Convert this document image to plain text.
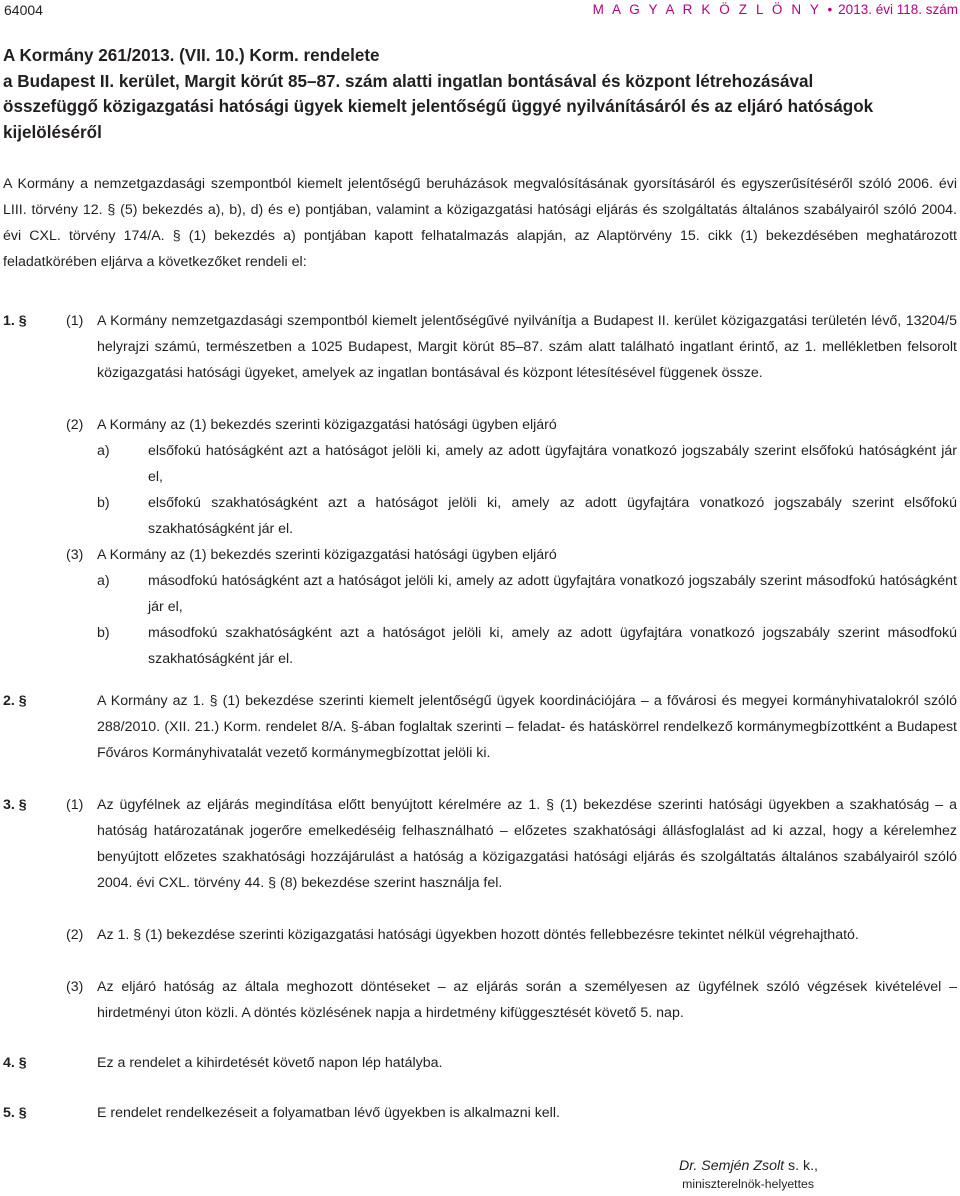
64004	M A G Y A R K Ö Z L Ö N Y • 2013. évi 118. szám
A Kormány 261/2013. (VII. 10.) Korm. rendelete
a Budapest II. kerület, Margit körút 85–87. szám alatti ingatlan bontásával és központ létrehozásával
összefüggő közigazgatási hatósági ügyek kiemelt jelentőségű üggyé nyilvánításáról és az eljáró hatóságok
kijelöléséről
A Kormány a nemzetgazdasági szempontból kiemelt jelentőségű beruházások megvalósításának gyorsításáról és egyszerűsítéséről szóló 2006. évi LIII. törvény 12. § (5) bekezdés a), b), d) és e) pontjában, valamint a közigazgatási hatósági eljárás és szolgáltatás általános szabályairól szóló 2004. évi CXL. törvény 174/A. § (1) bekezdés a) pontjában kapott felhatalmazás alapján, az Alaptörvény 15. cikk (1) bekezdésében meghatározott feladatkörében eljárva a következőket rendeli el:
1. §	(1) A Kormány nemzetgazdasági szempontból kiemelt jelentőségűvé nyilvánítja a Budapest II. kerület közigazgatási területén lévő, 13204/5 helyrajzi számú, természetben a 1025 Budapest, Margit körút 85–87. szám alatt található ingatlant érintő, az 1. mellékletben felsorolt közigazgatási hatósági ügyeket, amelyek az ingatlan bontásával és központ létesítésével függenek össze.
(2) A Kormány az (1) bekezdés szerinti közigazgatási hatósági ügyben eljáró
a)	elsőfokú hatóságként azt a hatóságot jelöli ki, amely az adott ügyfajtára vonatkozó jogszabály szerint elsőfokú hatóságként jár el,
b)	elsőfokú szakhatóságként azt a hatóságot jelöli ki, amely az adott ügyfajtára vonatkozó jogszabály szerint elsőfokú szakhatóságként jár el.
(3) A Kormány az (1) bekezdés szerinti közigazgatási hatósági ügyben eljáró
a)	másodfokú hatóságként azt a hatóságot jelöli ki, amely az adott ügyfajtára vonatkozó jogszabály szerint másodfokú hatóságként jár el,
b)	másodfokú szakhatóságként azt a hatóságot jelöli ki, amely az adott ügyfajtára vonatkozó jogszabály szerint másodfokú szakhatóságként jár el.
2. §	A Kormány az 1. § (1) bekezdése szerinti kiemelt jelentőségű ügyek koordinációjára – a fővárosi és megyei kormányhivatalokról szóló 288/2010. (XII. 21.) Korm. rendelet 8/A. §-ában foglaltak szerinti – feladat- és hatáskörrel rendelkező kormánymegbízottként a Budapest Főváros Kormányhivatalát vezető kormánymegbízottat jelöli ki.
3. §	(1) Az ügyfélnek az eljárás megindítása előtt benyújtott kérelmére az 1. § (1) bekezdése szerinti hatósági ügyekben a szakhatóság – a hatóság határozatának jogerőre emelkedéséig felhasználható – előzetes szakhatósági állásfoglalást ad ki azzal, hogy a kérelemhez benyújtott előzetes szakhatósági hozzájárulást a hatóság a közigazgatási hatósági eljárás és szolgáltatás általános szabályairól szóló 2004. évi CXL. törvény 44. § (8) bekezdése szerint használja fel.
(2) Az 1. § (1) bekezdése szerinti közigazgatási hatósági ügyekben hozott döntés fellebbezésre tekintet nélkül végrehajtható.
(3) Az eljáró hatóság az általa meghozott döntéseket – az eljárás során a személyesen az ügyfélnek szóló végzések kivételével – hirdetményi úton közli. A döntés közlésének napja a hirdetmény kifüggesztését követő 5. nap.
4. §	Ez a rendelet a kihirdetését követő napon lép hatályba.
5. §	E rendelet rendelkezéseit a folyamatban lévő ügyekben is alkalmazni kell.
Dr. Semjén Zsolt s. k.,
miniszterelnök-helyettes
